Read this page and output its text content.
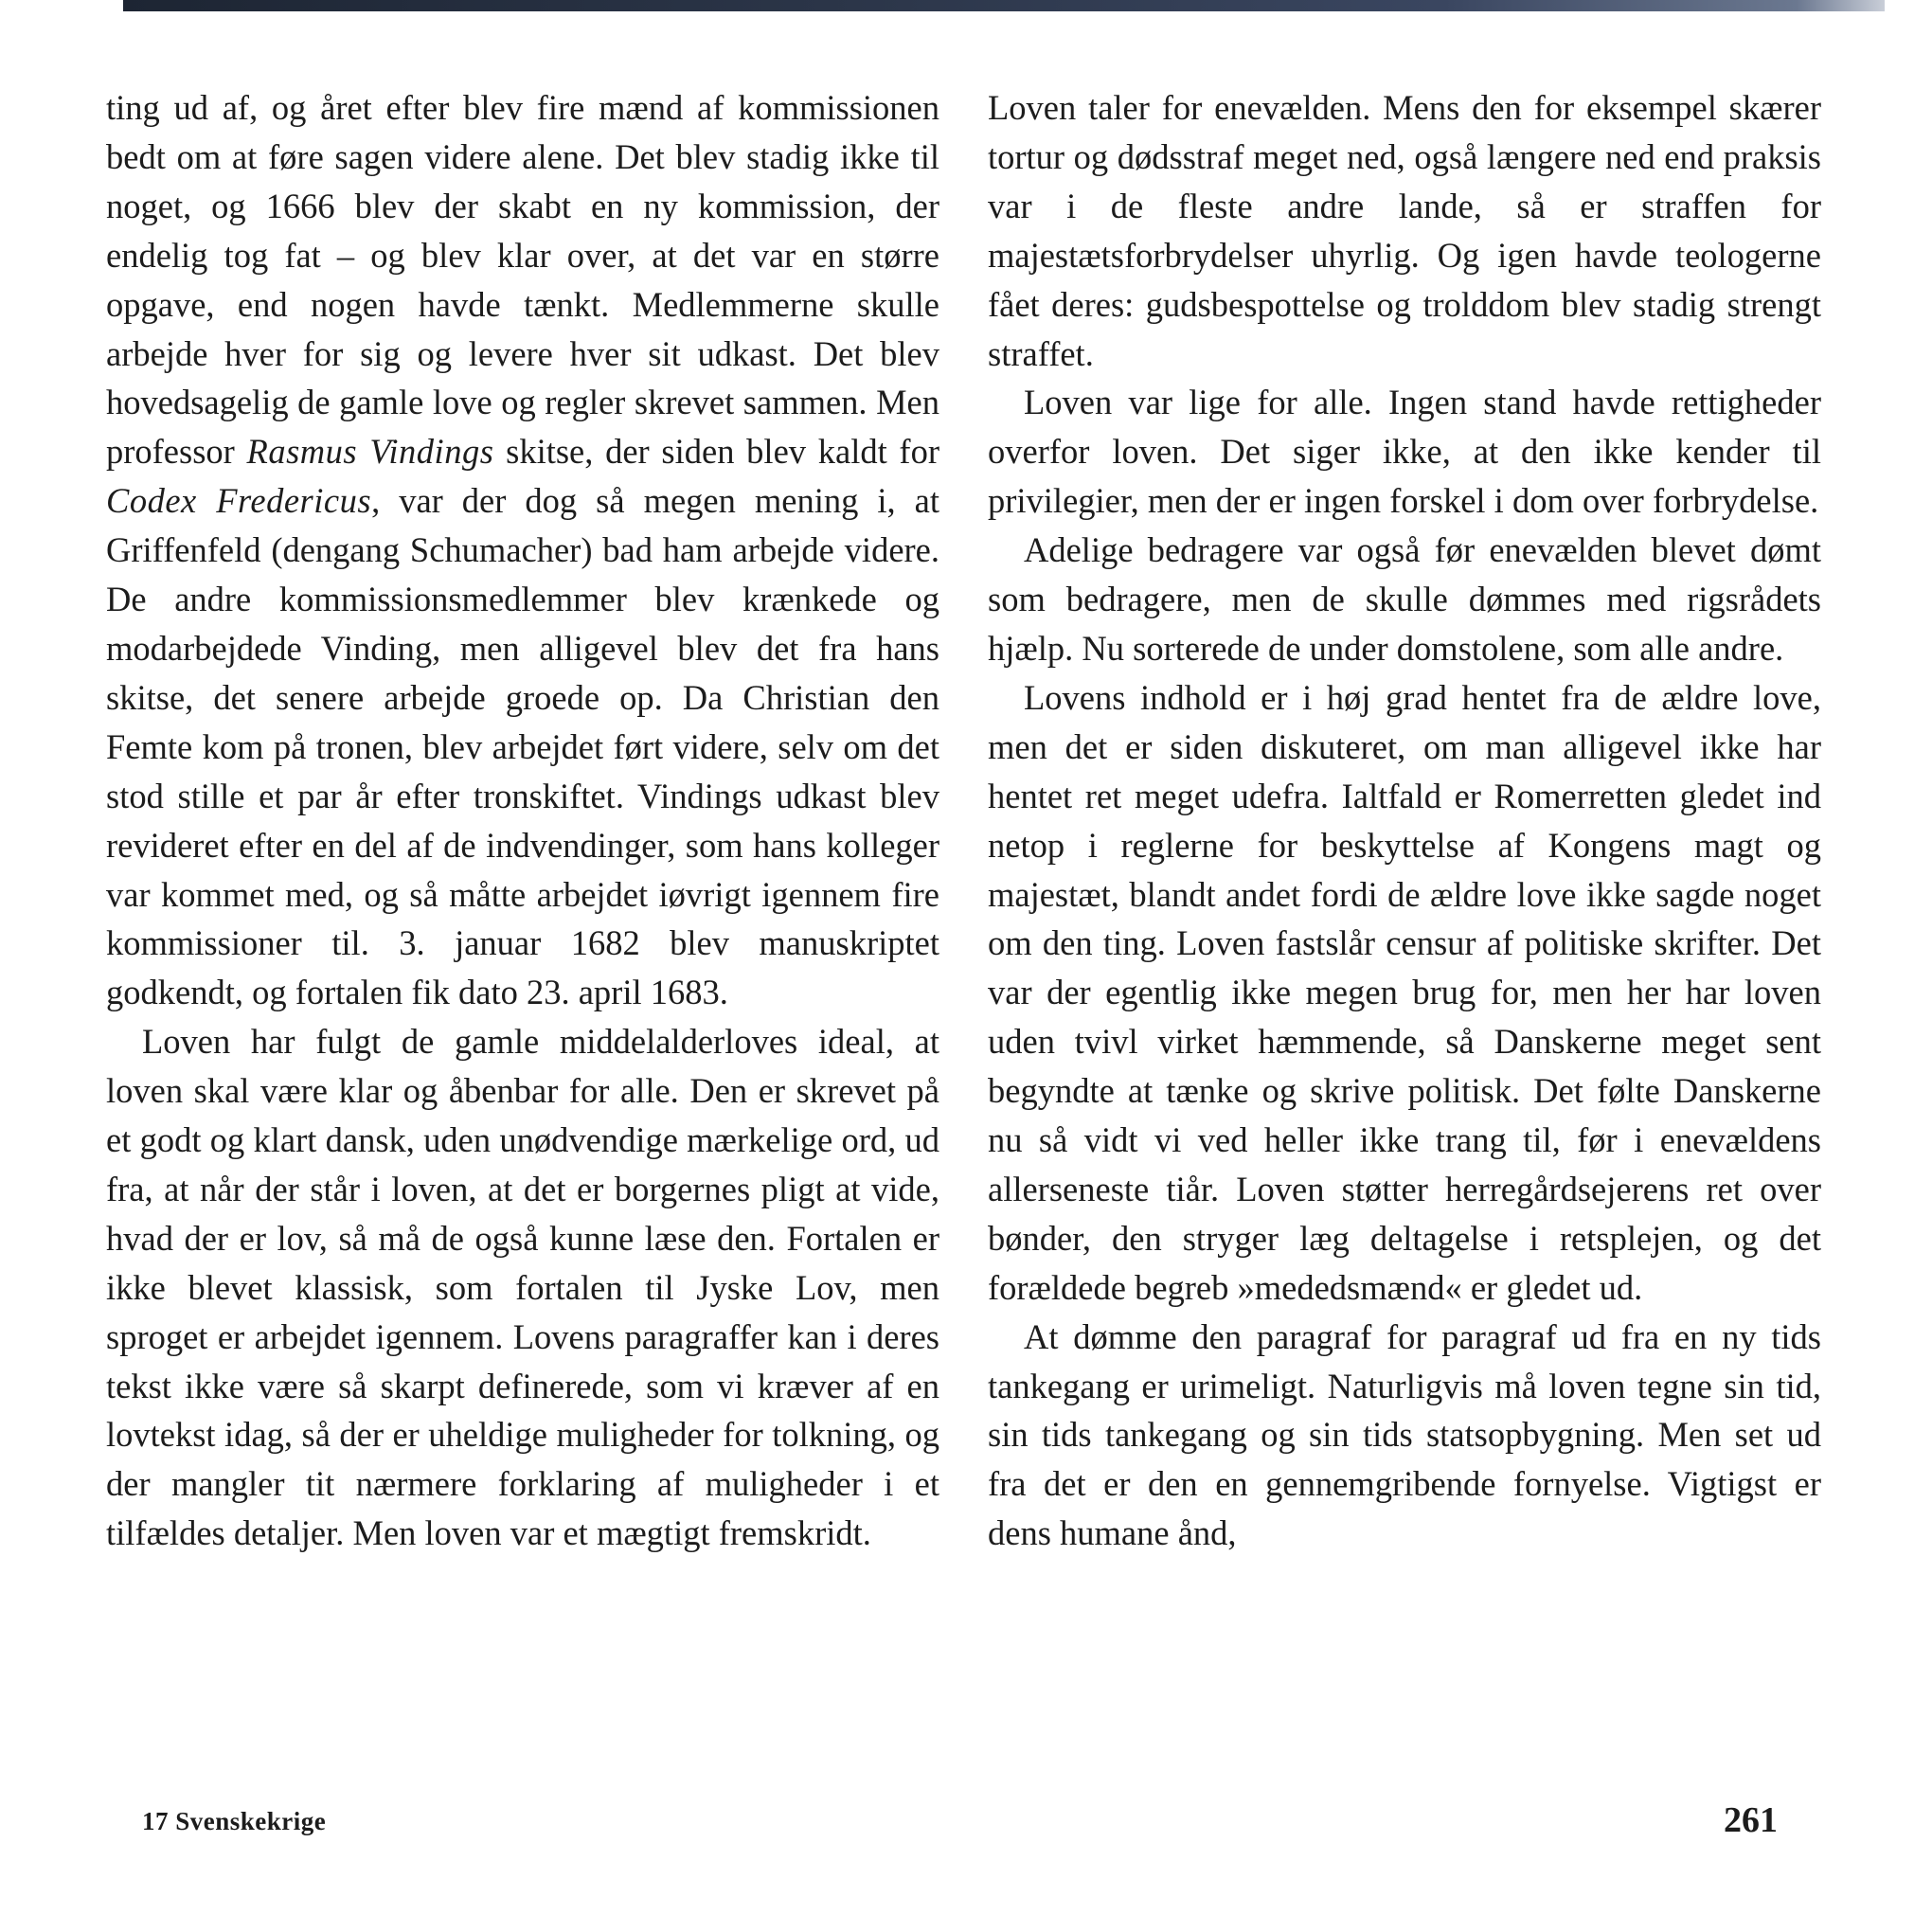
ting ud af, og året efter blev fire mænd af kommissionen bedt om at føre sagen videre alene. Det blev stadig ikke til noget, og 1666 blev der skabt en ny kommission, der endelig tog fat – og blev klar over, at det var en større opgave, end nogen havde tænkt. Medlemmerne skulle arbejde hver for sig og levere hver sit udkast. Det blev hovedsagelig de gamle love og regler skrevet sammen. Men professor Rasmus Vindings skitse, der siden blev kaldt for Codex Fredericus, var der dog så megen mening i, at Griffenfeld (dengang Schumacher) bad ham arbejde videre. De andre kommissionsmedlemmer blev krænkede og modarbejdede Vinding, men alligevel blev det fra hans skitse, det senere arbejde groede op. Da Christian den Femte kom på tronen, blev arbejdet ført videre, selv om det stod stille et par år efter tronskiftet. Vindings udkast blev revideret efter en del af de indvendinger, som hans kolleger var kommet med, og så måtte arbejdet iøvrigt igennem fire kommissioner til. 3. januar 1682 blev manuskriptet godkendt, og fortalen fik dato 23. april 1683.

Loven har fulgt de gamle middelalderloves ideal, at loven skal være klar og åbenbar for alle. Den er skrevet på et godt og klart dansk, uden unødvendige mærkelige ord, ud fra, at når der står i loven, at det er borgernes pligt at vide, hvad der er lov, så må de også kunne læse den. Fortalen er ikke blevet klassisk, som fortalen til Jyske Lov, men sproget er arbejdet igennem. Lovens paragraffer kan i deres tekst ikke være så skarpt definerede, som vi kræver af en lovtekst idag, så der er uheldige muligheder for tolkning, og der mangler tit nærmere forklaring af muligheder i et tilfældes detaljer. Men loven var et mægtigt fremskridt.

Loven taler for enevælden. Mens den for eksempel skærer tortur og dødsstraf meget ned, også længere ned end praksis var i de fleste andre lande, så er straffen for majestætsforbrydelser uhyrlig. Og igen havde teologerne fået deres: gudsbespottelse og trolddom blev stadig strengt straffet.

Loven var lige for alle. Ingen stand havde rettigheder overfor loven. Det siger ikke, at den ikke kender til privilegier, men der er ingen forskel i dom over forbrydelse.

Adelige bedragere var også før enevælden blevet dømt som bedragere, men de skulle dømmes med rigsrådets hjælp. Nu sorterede de under domstolene, som alle andre.

Lovens indhold er i høj grad hentet fra de ældre love, men det er siden diskuteret, om man alligevel ikke har hentet ret meget udefra. Ialtfald er Romerretten gledet ind netop i reglerne for beskyttelse af Kongens magt og majestæt, blandt andet fordi de ældre love ikke sagde noget om den ting. Loven fastslår censur af politiske skrifter. Det var der egentlig ikke megen brug for, men her har loven uden tvivl virket hæmmende, så Danskerne meget sent begyndte at tænke og skrive politisk. Det følte Danskerne nu så vidt vi ved heller ikke trang til, før i enevældens allerseneste tiår. Loven støtter herregårdsejerens ret over bønder, den stryger læg deltagelse i retsplejen, og det forældede begreb »mededsmænd« er gledet ud.

At dømme den paragraf for paragraf ud fra en ny tids tankegang er urimeligt. Naturligvis må loven tegne sin tid, sin tids tankegang og sin tids statsopbygning. Men set ud fra det er den en gennemgribende fornyelse. Vigtigst er dens humane ånd,

17 Svenskekrige	261
